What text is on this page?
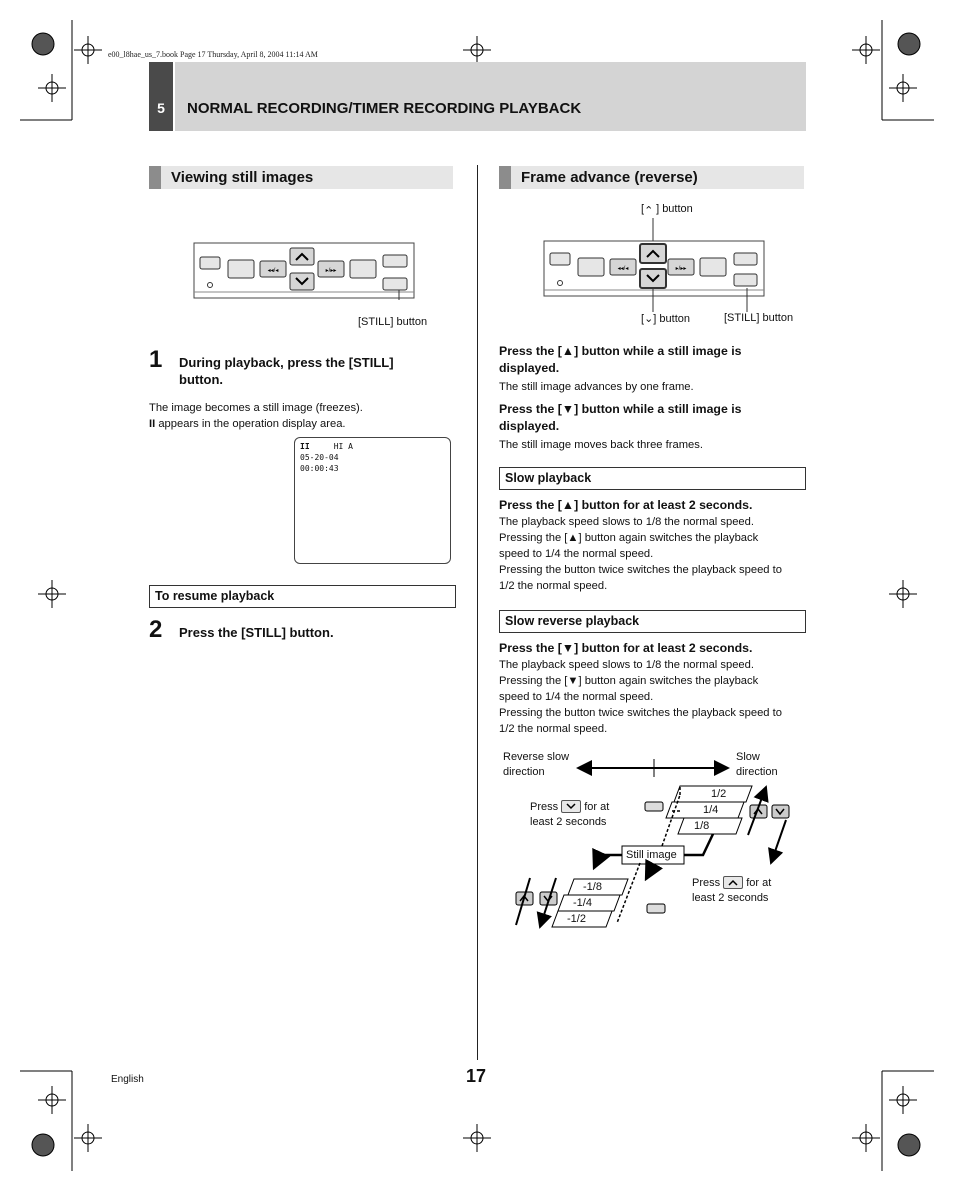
e00_l8hae_us_7.book Page 17 Thursday, April 8, 2004 11:14 AM
5	NORMAL RECORDING/TIMER RECORDING PLAYBACK
Viewing still images
◂◂/◂	▸/▸▸
[STILL] button
1 During playback, press the [STILL]
button.
The image becomes a still image (freezes).
II appears in the operation display area.
II	HI A
05-20-04
00:00:43
To resume playback
2 Press the [STILL] button.
Frame advance (reverse)
[⌃ ] button
◂◂/◂	▸/▸▸
[⌄] button	[STILL] button
Press the [▲] button while a still image is
displayed.
The still image advances by one frame.
Press the [▼] button while a still image is
displayed.
The still image moves back three frames.
Slow playback
Press the [▲] button for at least 2 seconds.
The playback speed slows to 1/8 the normal speed.
Pressing the [▲] button again switches the playback
speed to 1/4 the normal speed.
Pressing the button twice switches the playback speed to
1/2 the normal speed.
Slow reverse playback
Press the [▼] button for at least 2 seconds.
The playback speed slows to 1/8 the normal speed.
Pressing the [▼] button again switches the playback
speed to 1/4 the normal speed.
Pressing the button twice switches the playback speed to
1/2 the normal speed.
Reverse slow
direction
Slow
direction
1/2
1/4
1/8
Still image
-1/8
-1/4
-1/2
Press for at
least 2 seconds
Press for at
least 2 seconds
English	17
